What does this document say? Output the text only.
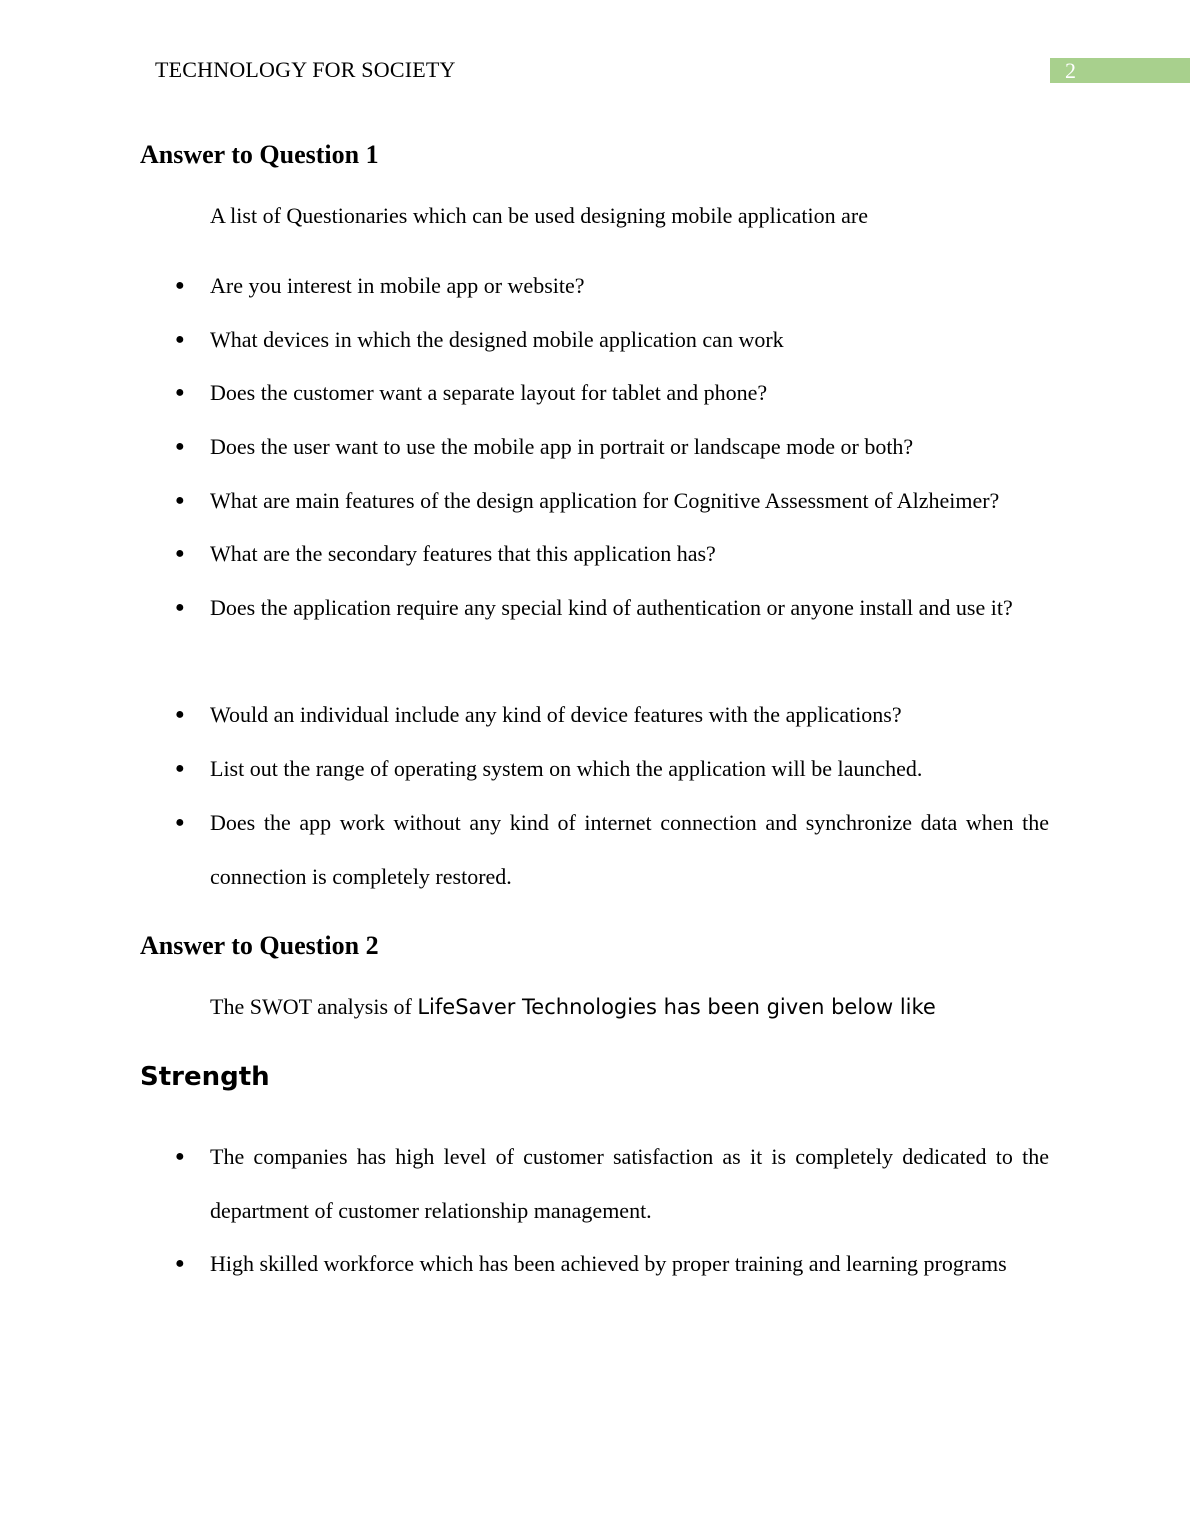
TECHNOLOGY FOR SOCIETY	2
Answer to Question 1
A list of Questionaries which can be used designing mobile application are
● Are you interest in mobile app or website?
● What devices in which the designed mobile application can work
● Does the customer want a separate layout for tablet and phone?
● Does the user want to use the mobile app in portrait or landscape mode or both?
● What are main features of the design application for Cognitive Assessment of Alzheimer?
● What are the secondary features that this application has?
● Does the application require any special kind of authentication or anyone install and use it?
● Would an individual include any kind of device features with the applications?
● List out the range of operating system on which the application will be launched.
● Does the app work without any kind of internet connection and synchronize data when the connection is completely restored.
Answer to Question 2
The SWOT analysis of LifeSaver Technologies has been given below like
Strength
● The companies has high level of customer satisfaction as it is completely dedicated to the department of customer relationship management.
● High skilled workforce which has been achieved by proper training and learning programs
